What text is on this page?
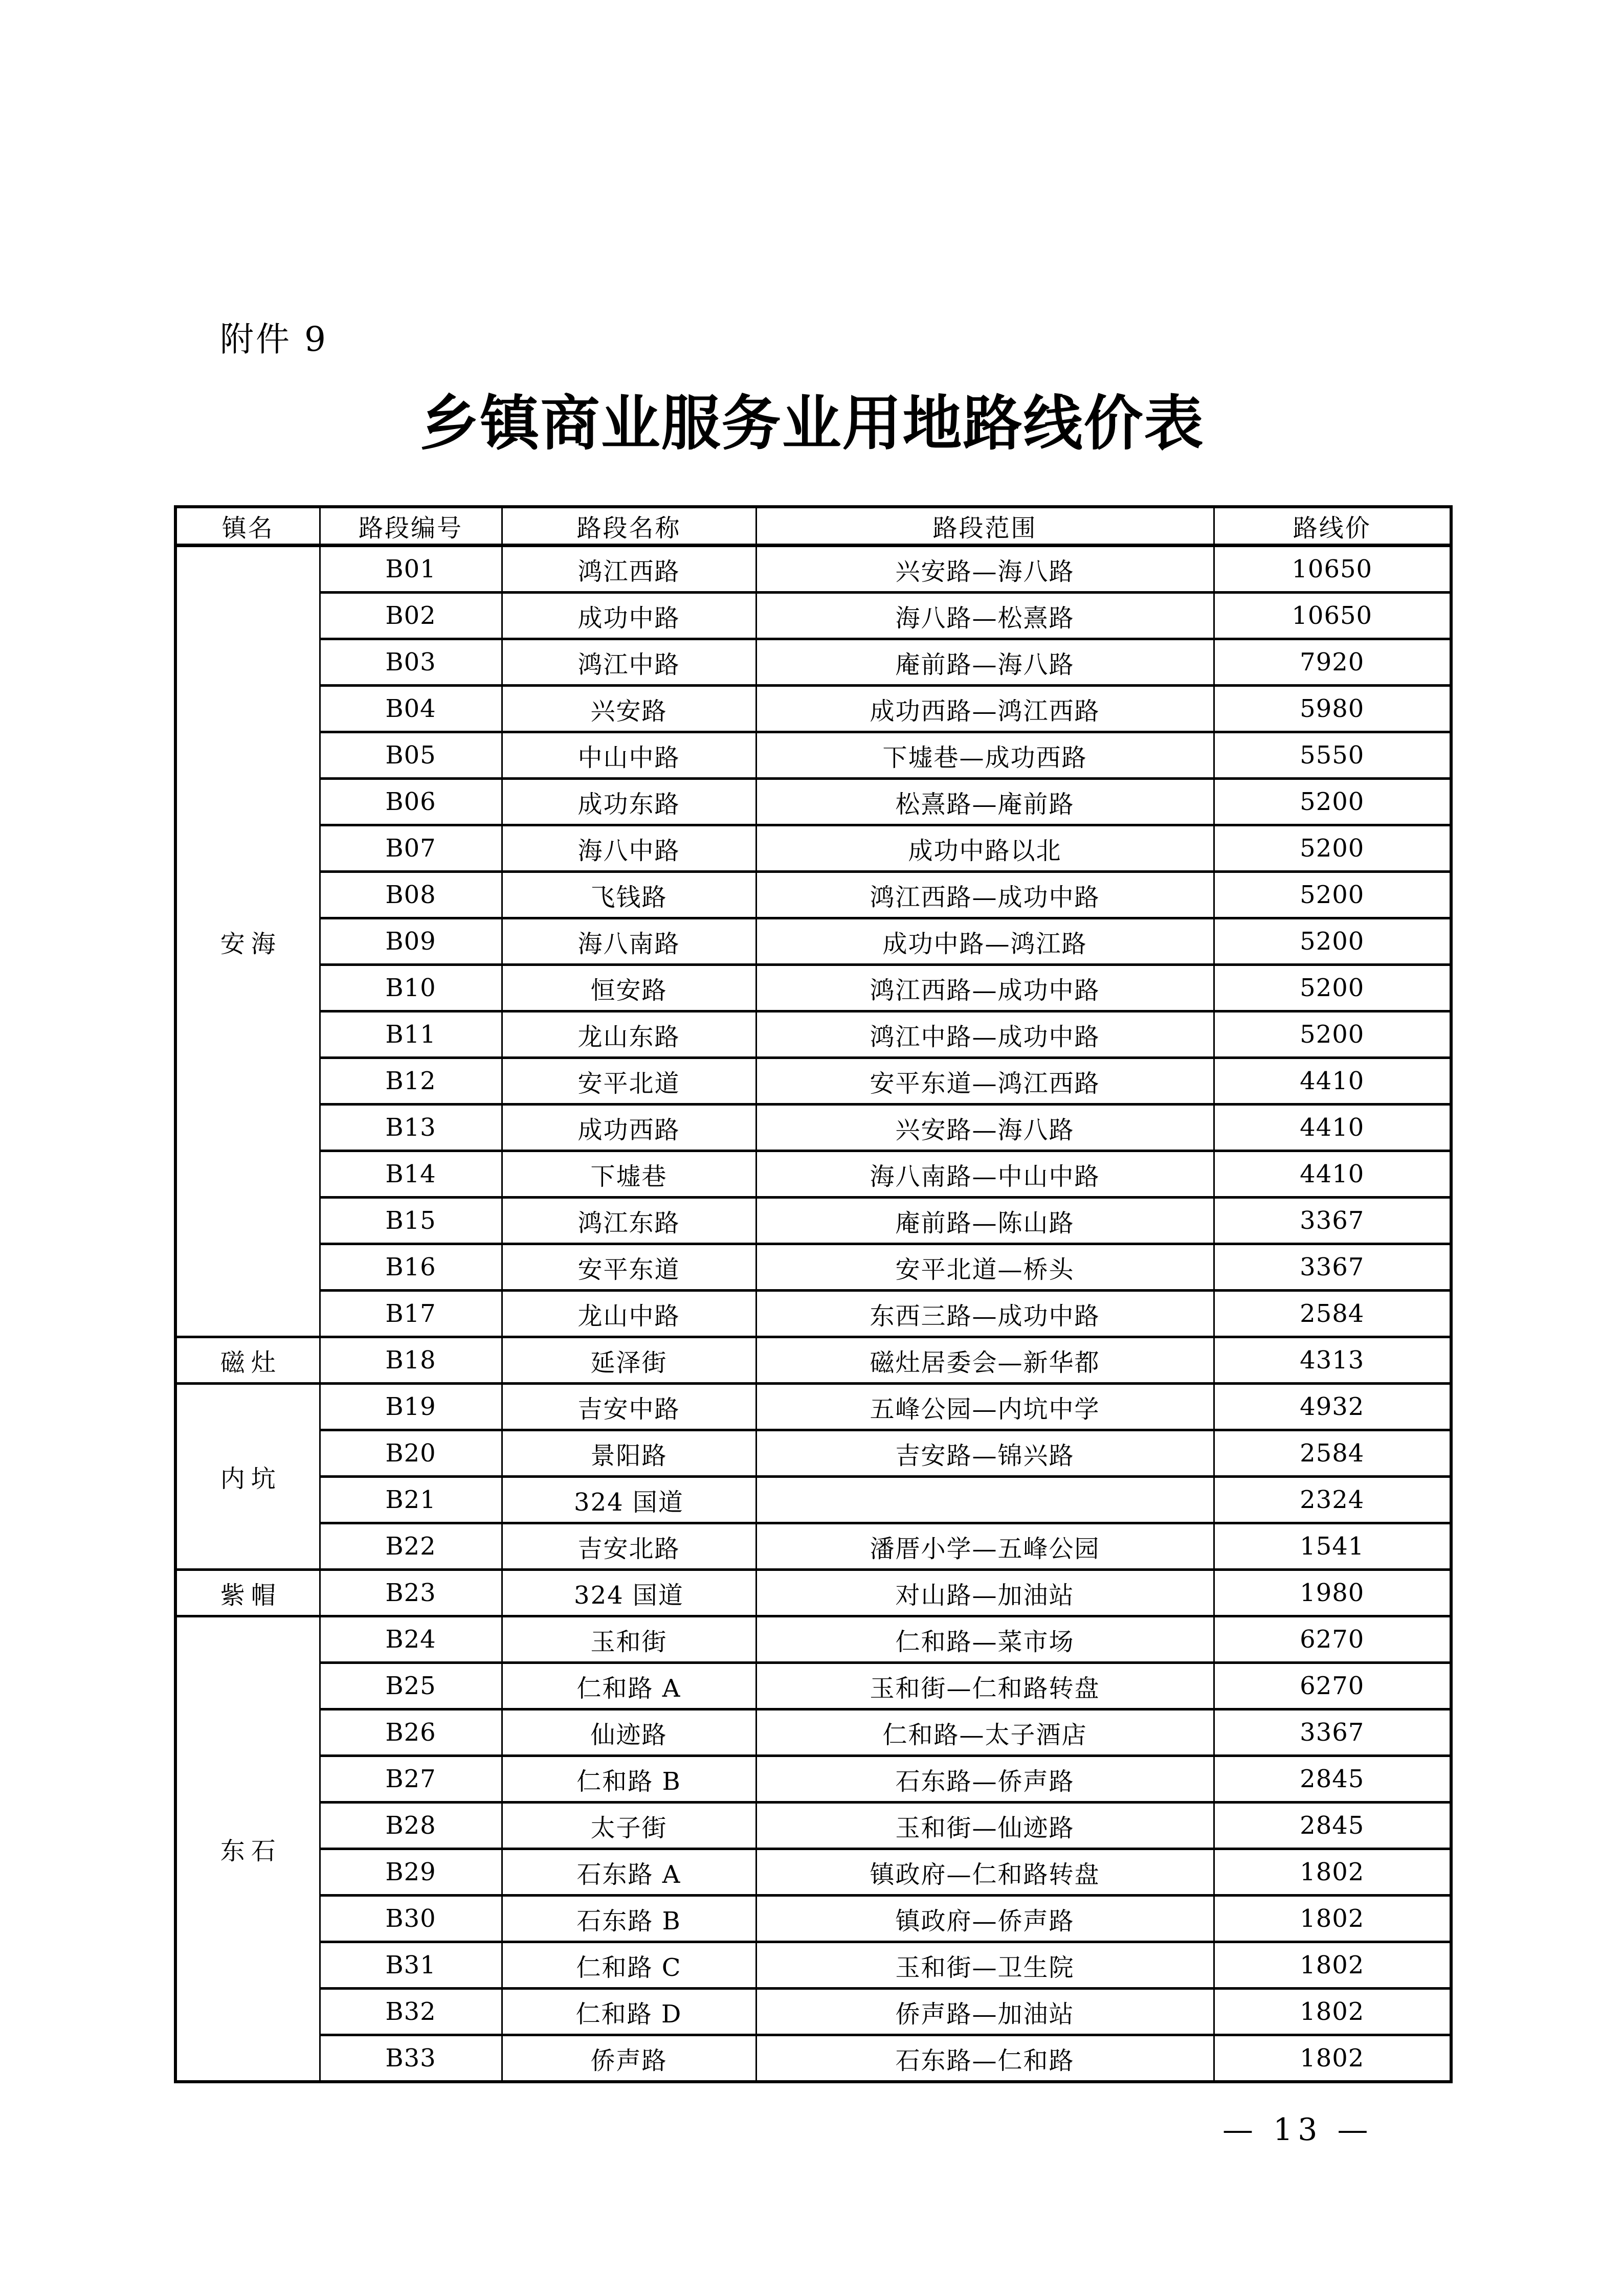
附件 9
乡镇商业服务业用地路线价表
镇名	路段编号	路段名称	路段范围	路线价
安海	B01	鸿江西路	兴安路—海八路	10650
	B02	成功中路	海八路—松熹路	10650
	B03	鸿江中路	庵前路—海八路	7920
	B04	兴安路	成功西路—鸿江西路	5980
	B05	中山中路	下墟巷—成功西路	5550
	B06	成功东路	松熹路—庵前路	5200
	B07	海八中路	成功中路以北	5200
	B08	飞钱路	鸿江西路—成功中路	5200
	B09	海八南路	成功中路—鸿江路	5200
	B10	恒安路	鸿江西路—成功中路	5200
	B11	龙山东路	鸿江中路—成功中路	5200
	B12	安平北道	安平东道—鸿江西路	4410
	B13	成功西路	兴安路—海八路	4410
	B14	下墟巷	海八南路—中山中路	4410
	B15	鸿江东路	庵前路—陈山路	3367
	B16	安平东道	安平北道—桥头	3367
	B17	龙山中路	东西三路—成功中路	2584
磁灶	B18	延泽街	磁灶居委会—新华都	4313
内坑	B19	吉安中路	五峰公园—内坑中学	4932
	B20	景阳路	吉安路—锦兴路	2584
	B21	324 国道		2324
	B22	吉安北路	潘厝小学—五峰公园	1541
紫帽	B23	324 国道	对山路—加油站	1980
东石	B24	玉和街	仁和路—菜市场	6270
	B25	仁和路 A	玉和街—仁和路转盘	6270
	B26	仙迹路	仁和路—太子酒店	3367
	B27	仁和路 B	石东路—侨声路	2845
	B28	太子街	玉和街—仙迹路	2845
	B29	石东路 A	镇政府—仁和路转盘	1802
	B30	石东路 B	镇政府—侨声路	1802
	B31	仁和路 C	玉和街—卫生院	1802
	B32	仁和路 D	侨声路—加油站	1802
	B33	侨声路	石东路—仁和路	1802
— 13 —
